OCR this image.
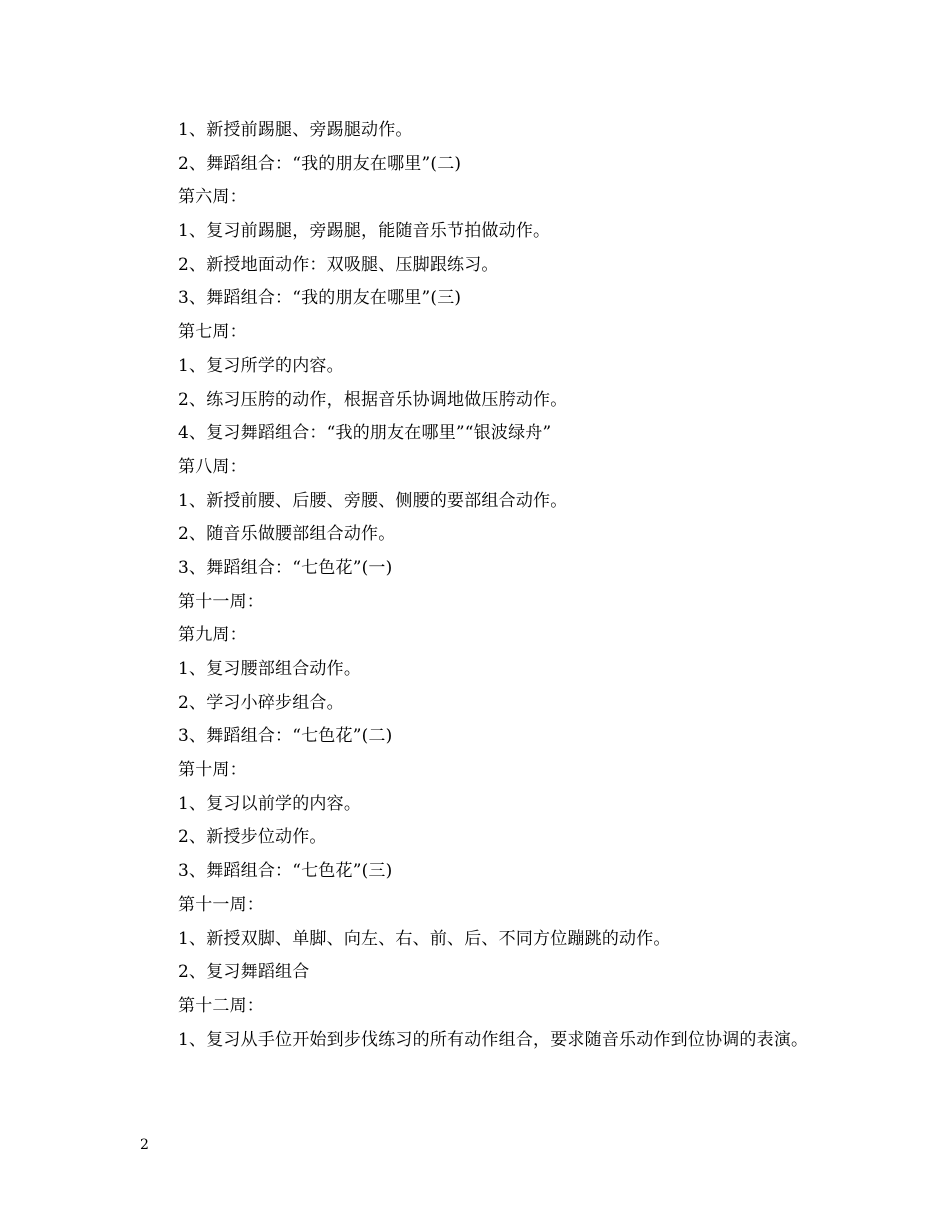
1、新授前踢腿、旁踢腿动作。
2、舞蹈组合：“我的朋友在哪里”(二)
第六周：
1、复习前踢腿，旁踢腿，能随音乐节拍做动作。
2、新授地面动作：双吸腿、压脚跟练习。
3、舞蹈组合：“我的朋友在哪里”(三)
第七周：
1、复习所学的内容。
2、练习压胯的动作，根据音乐协调地做压胯动作。
4、复习舞蹈组合：“我的朋友在哪里”“银波绿舟”
第八周：
1、新授前腰、后腰、旁腰、侧腰的要部组合动作。
2、随音乐做腰部组合动作。
3、舞蹈组合：“七色花”(一)
第十一周：
第九周：
1、复习腰部组合动作。
2、学习小碎步组合。
3、舞蹈组合：“七色花”(二)
第十周：
1、复习以前学的内容。
2、新授步位动作。
3、舞蹈组合：“七色花”(三)
第十一周：
1、新授双脚、单脚、向左、右、前、后、不同方位蹦跳的动作。
2、复习舞蹈组合
第十二周：
1、复习从手位开始到步伐练习的所有动作组合，要求随音乐动作到位协调的表演。
2
